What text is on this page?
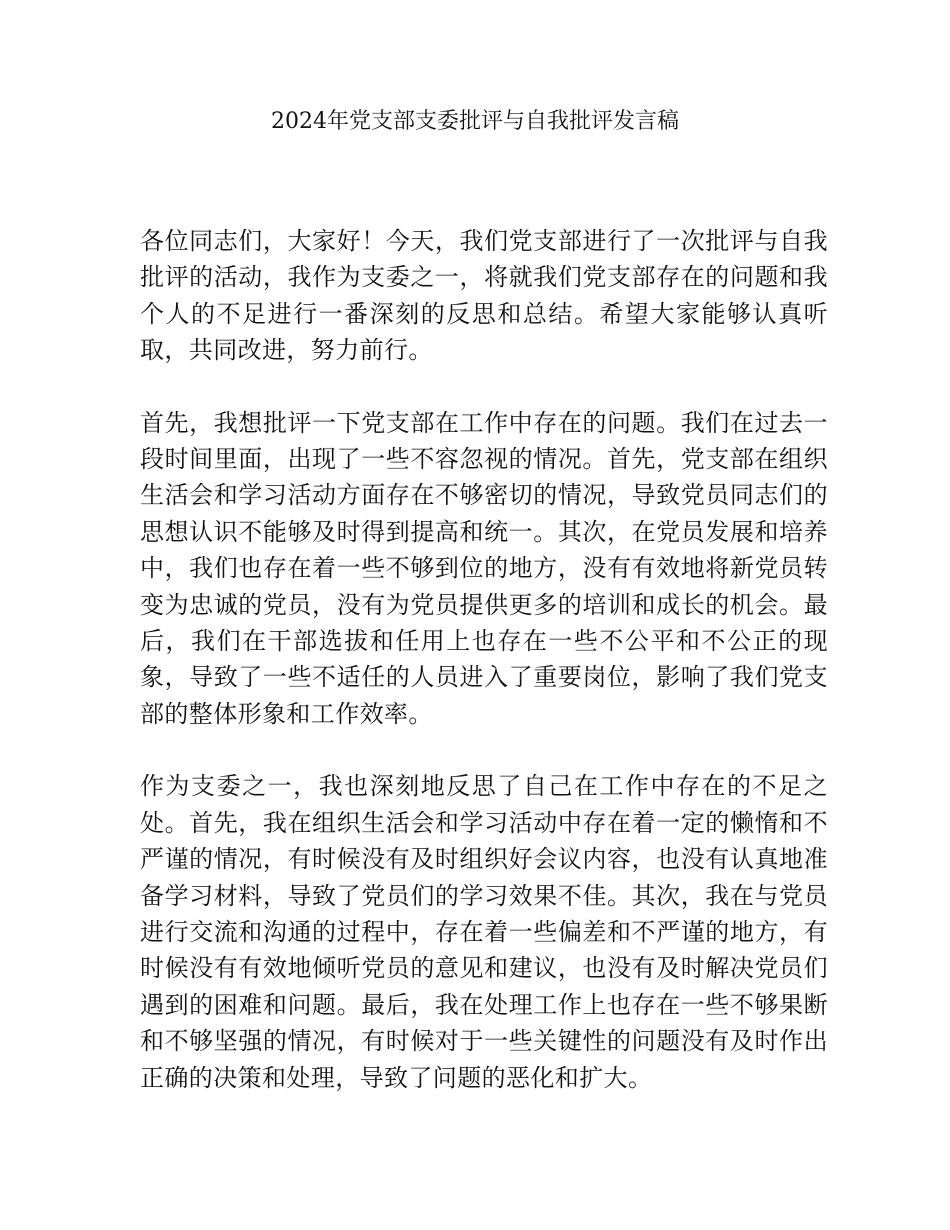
2024年党支部支委批评与自我批评发言稿

各位同志们，大家好！今天，我们党支部进行了一次批评与自我批评的活动，我作为支委之一，将就我们党支部存在的问题和我个人的不足进行一番深刻的反思和总结。希望大家能够认真听取，共同改进，努力前行。

首先，我想批评一下党支部在工作中存在的问题。我们在过去一段时间里面，出现了一些不容忽视的情况。首先，党支部在组织生活会和学习活动方面存在不够密切的情况，导致党员同志们的思想认识不能够及时得到提高和统一。其次，在党员发展和培养中，我们也存在着一些不够到位的地方，没有有效地将新党员转变为忠诚的党员，没有为党员提供更多的培训和成长的机会。最后，我们在干部选拔和任用上也存在一些不公平和不公正的现象，导致了一些不适任的人员进入了重要岗位，影响了我们党支部的整体形象和工作效率。

作为支委之一，我也深刻地反思了自己在工作中存在的不足之处。首先，我在组织生活会和学习活动中存在着一定的懒惰和不严谨的情况，有时候没有及时组织好会议内容，也没有认真地准备学习材料，导致了党员们的学习效果不佳。其次，我在与党员进行交流和沟通的过程中，存在着一些偏差和不严谨的地方，有时候没有有效地倾听党员的意见和建议，也没有及时解决党员们遇到的困难和问题。最后，我在处理工作上也存在一些不够果断和不够坚强的情况，有时候对于一些关键性的问题没有及时作出正确的决策和处理，导致了问题的恶化和扩大。
